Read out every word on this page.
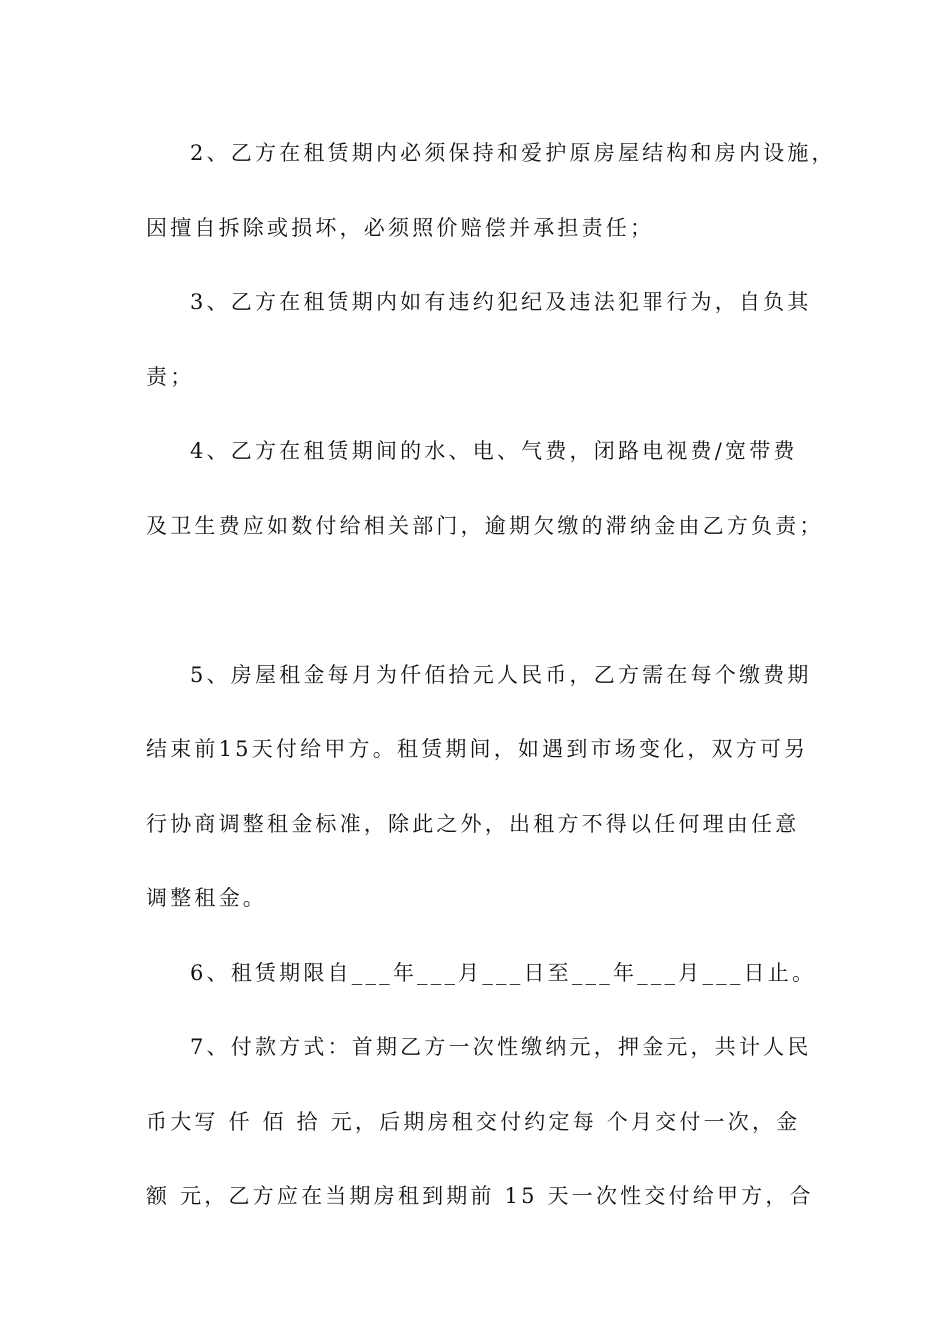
2、乙方在租赁期内必须保持和爱护原房屋结构和房内设施，
因擅自拆除或损坏，必须照价赔偿并承担责任；
3、乙方在租赁期内如有违约犯纪及违法犯罪行为，自负其
责；
4、乙方在租赁期间的水、电、气费，闭路电视费/宽带费
及卫生费应如数付给相关部门，逾期欠缴的滞纳金由乙方负责；
5、房屋租金每月为仟佰拾元人民币，乙方需在每个缴费期
结束前15天付给甲方。租赁期间，如遇到市场变化，双方可另
行协商调整租金标准，除此之外，出租方不得以任何理由任意
调整租金。
6、租赁期限自___年___月___日至___年___月___日止。
7、付款方式：首期乙方一次性缴纳元，押金元，共计人民
币大写 仟 佰 拾 元，后期房租交付约定每 个月交付一次，金
额 元，乙方应在当期房租到期前 15 天一次性交付给甲方，合
